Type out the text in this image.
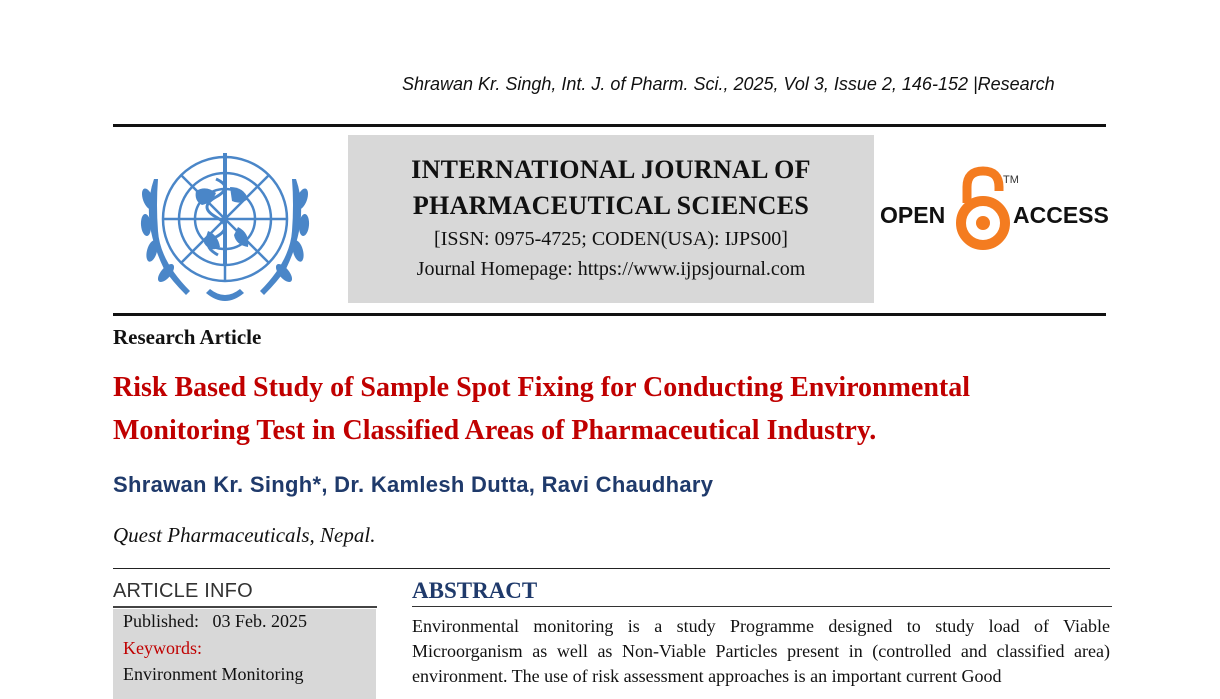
Shrawan Kr. Singh, Int. J. of Pharm. Sci., 2025, Vol 3, Issue 2, 146-152 |Research
INTERNATIONAL JOURNAL OF
PHARMACEUTICAL SCIENCES
[ISSN: 0975-4725; CODEN(USA): IJPS00]
Journal Homepage: https://www.ijpsjournal.com
OPEN	ACCESS
TM
Research Article
Risk Based Study of Sample Spot Fixing for Conducting Environmental
Monitoring Test in Classified Areas of Pharmaceutical Industry.
Shrawan Kr. Singh*, Dr. Kamlesh Dutta, Ravi Chaudhary
Quest Pharmaceuticals, Nepal.
ARTICLE INFO
Published: 03 Feb. 2025
Keywords:
Environment Monitoring
ABSTRACT
Environmental monitoring is a study Programme designed to study load of Viable Microorganism as well as Non-Viable Particles present in (controlled and classified area) environment. The use of risk assessment approaches is an important current Good
